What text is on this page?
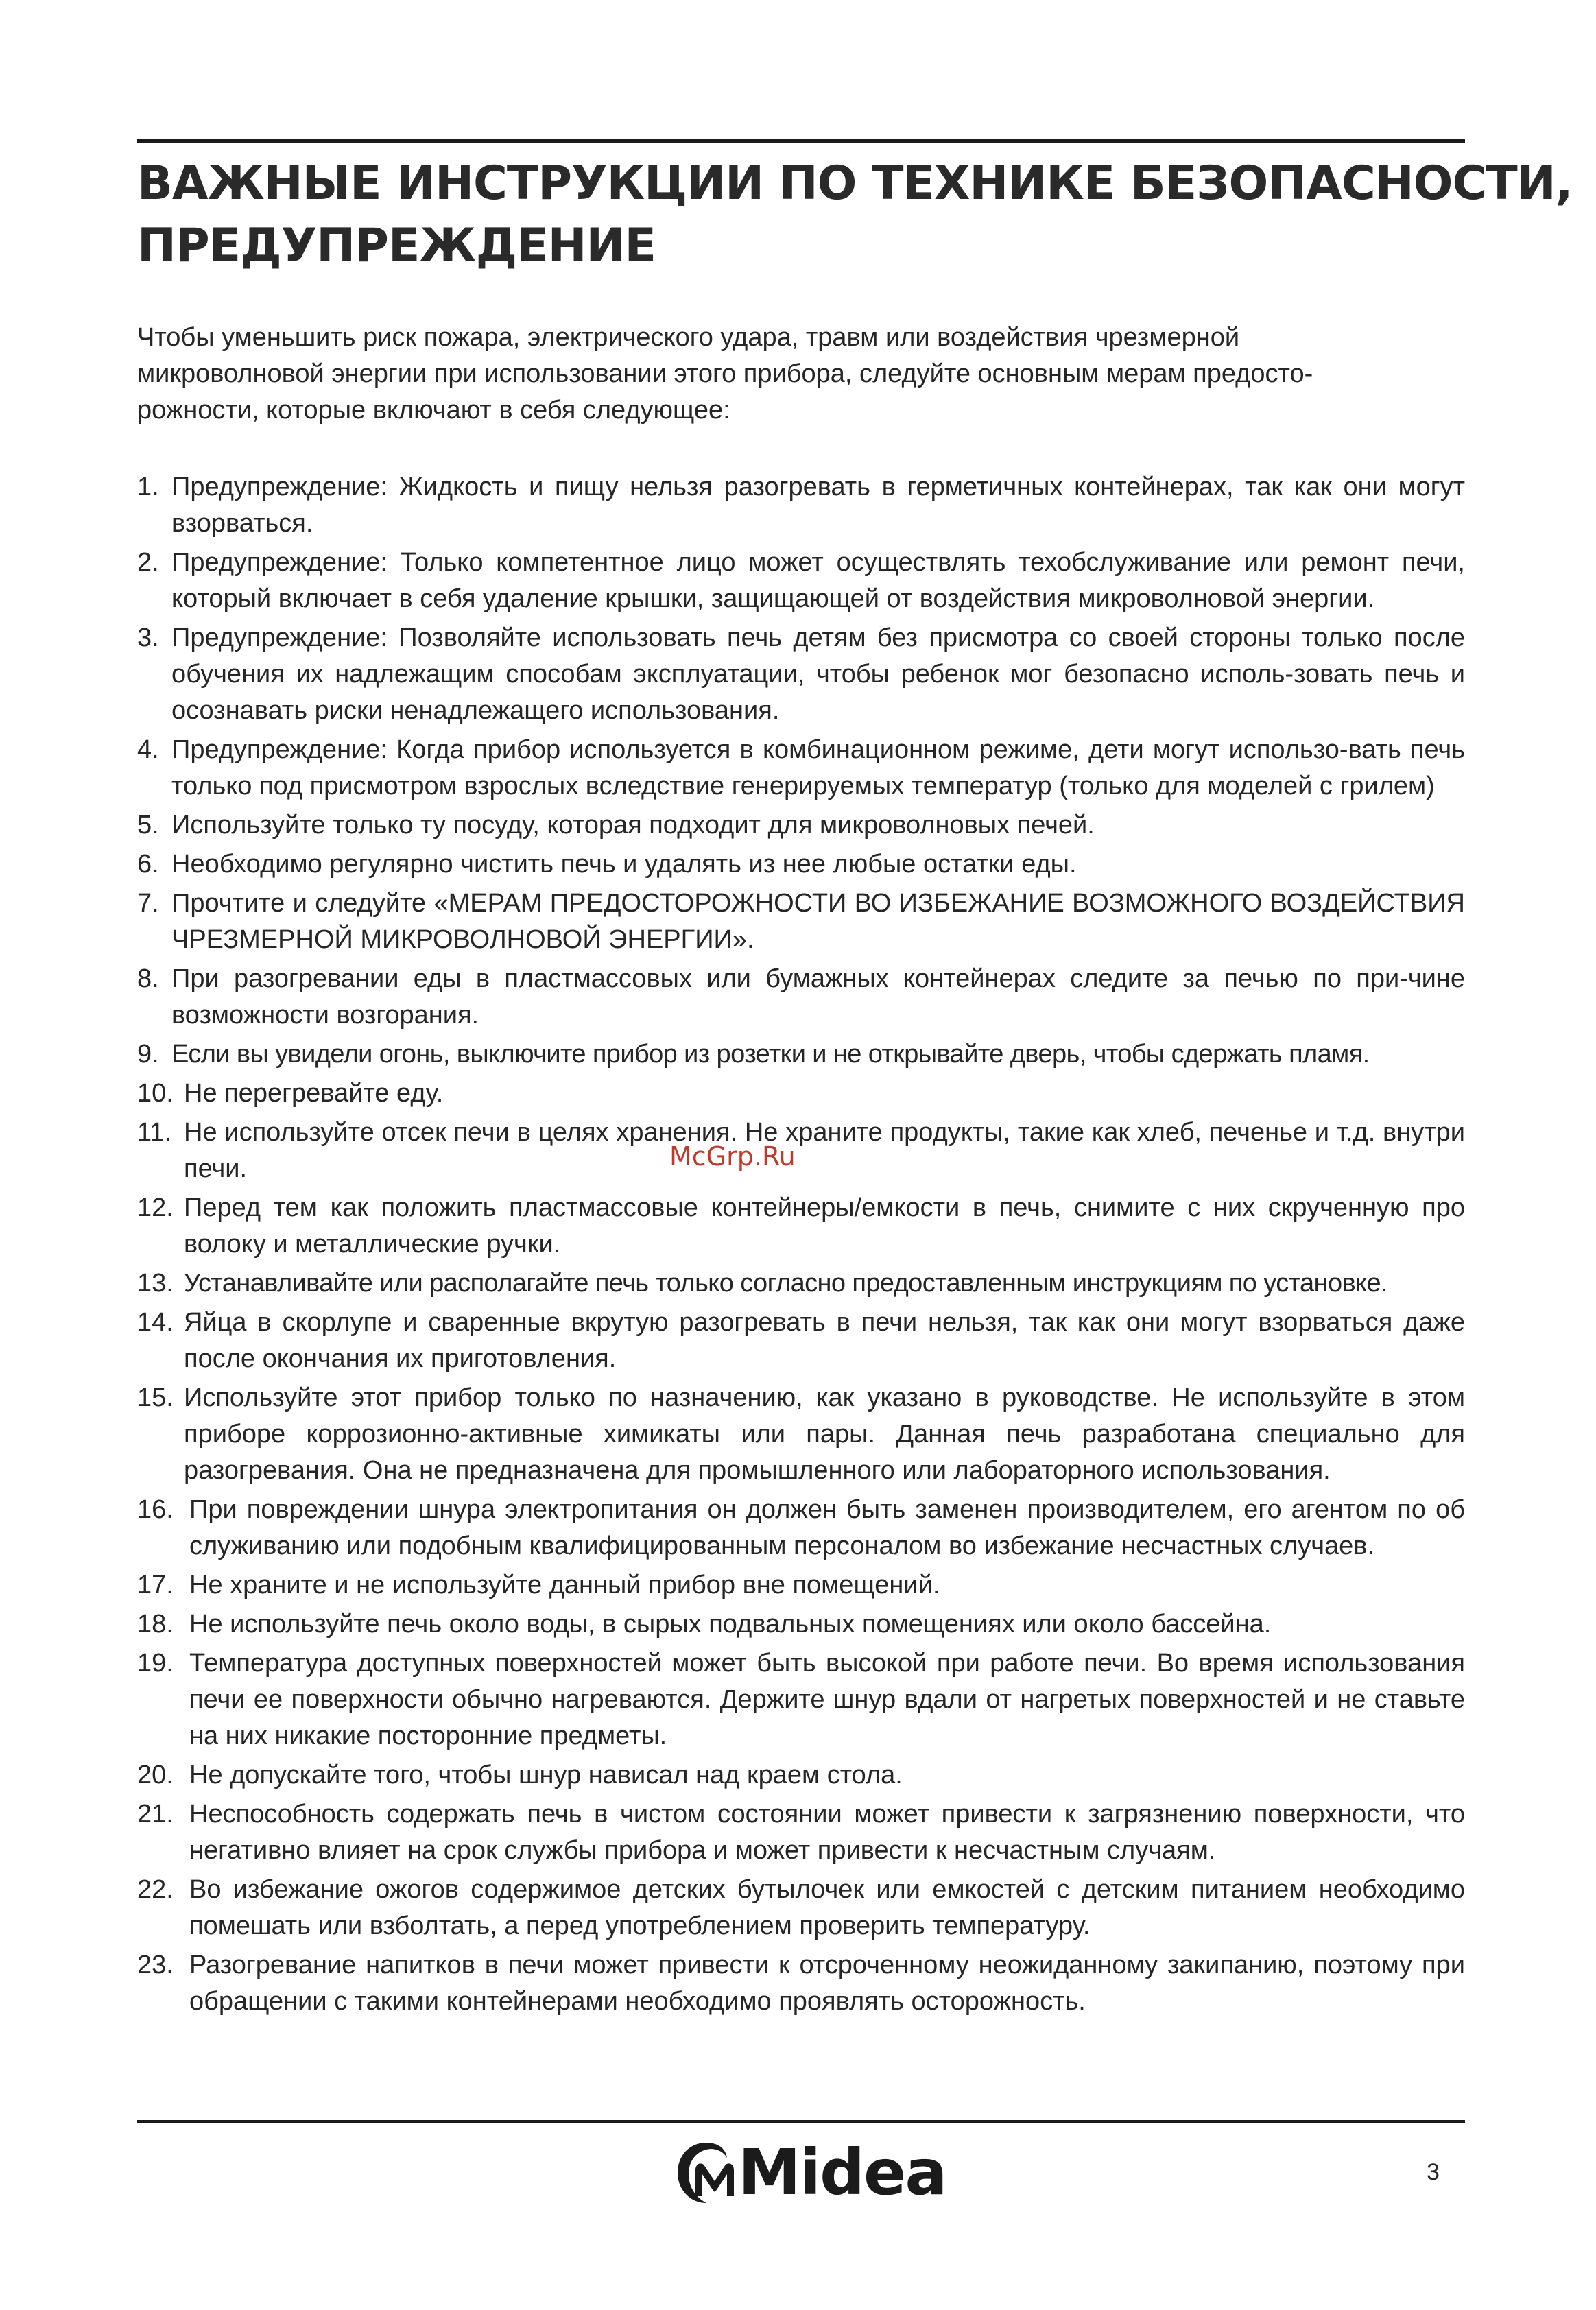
ВАЖНЫЕ ИНСТРУКЦИИ ПО ТЕХНИКЕ БЕЗОПАСНОСТИ,
ПРЕДУПРЕЖДЕНИЕ
Чтобы уменьшить риск пожара, электрического удара, травм или воздействия чрезмерной
микроволновой энергии при использовании этого прибора, следуйте основным мерам предосто-
рожности, которые включают в себя следующее:
1. Предупреждение: Жидкость и пищу нельзя разогревать в герметичных контейнерах, так как они могут взорваться.
2. Предупреждение: Только компетентное лицо может осуществлять техобслуживание или ремонт печи, который включает в себя удаление крышки, защищающей от воздействия микроволновой энергии.
3. Предупреждение: Позволяйте использовать печь детям без присмотра со своей стороны только после обучения их надлежащим способам эксплуатации, чтобы ребенок мог безопасно исполь-зовать печь и осознавать риски ненадлежащего использования.
4. Предупреждение: Когда прибор используется в комбинационном режиме, дети могут использо-вать печь только под присмотром взрослых вследствие генерируемых температур (только для моделей с грилем)
5. Используйте только ту посуду, которая подходит для микроволновых печей.
6. Необходимо регулярно чистить печь и удалять из нее любые остатки еды.
7. Прочтите и следуйте «МЕРАМ ПРЕДОСТОРОЖНОСТИ ВО ИЗБЕЖАНИЕ ВОЗМОЖНОГО ВОЗДЕЙСТВИЯ ЧРЕЗМЕРНОЙ МИКРОВОЛНОВОЙ ЭНЕРГИИ».
8. При разогревании еды в пластмассовых или бумажных контейнерах следите за печью по при-чине возможности возгорания.
9. Если вы увидели огонь, выключите прибор из розетки и не открывайте дверь, чтобы сдержать пламя.
10. Не перегревайте еду.
11. Не используйте отсек печи в целях хранения. Не храните продукты, такие как хлеб, печенье и т.д. внутри печи.
12. Перед тем как положить пластмассовые контейнеры/емкости в печь, снимите с них скрученную про волоку и металлические ручки.
13. Устанавливайте или располагайте печь только согласно предоставленным инструкциям по установке.
14. Яйца в скорлупе и сваренные вкрутую разогревать в печи нельзя, так как они могут взорваться даже после окончания их приготовления.
15. Используйте этот прибор только по назначению, как указано в руководстве. Не используйте в этом приборе коррозионно-активные химикаты или пары. Данная печь разработана специально для разогревания. Она не предназначена для промышленного или лабораторного использования.
16. При повреждении шнура электропитания он должен быть заменен производителем, его агентом по об служиванию или подобным квалифицированным персоналом во избежание несчастных случаев.
17. Не храните и не используйте данный прибор вне помещений.
18. Не используйте печь около воды, в сырых подвальных помещениях или около бассейна.
19. Температура доступных поверхностей может быть высокой при работе печи. Во время использования печи ее поверхности обычно нагреваются. Держите шнур вдали от нагретых поверхностей и не ставьте на них никакие посторонние предметы.
20. Не допускайте того, чтобы шнур нависал над краем стола.
21. Неспособность содержать печь в чистом состоянии может привести к загрязнению поверхности, что негативно влияет на срок службы прибора и может привести к несчастным случаям.
22. Во избежание ожогов содержимое детских бутылочек или емкостей с детским питанием необходимо помешать или взболтать, а перед употреблением проверить температуру.
23. Разогревание напитков в печи может привести к отсроченному неожиданному закипанию, поэтому при обращении с такими контейнерами необходимо проявлять осторожность.
McGrp.Ru
Midea	3
